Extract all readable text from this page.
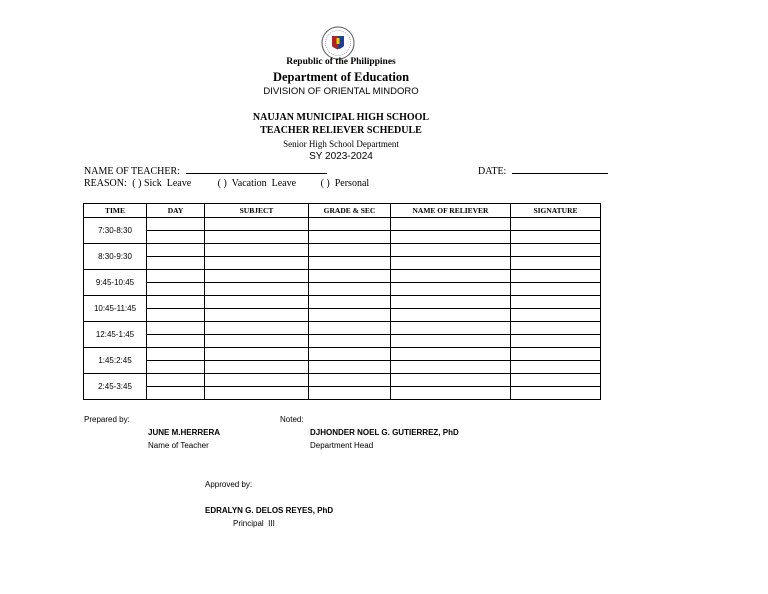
Republic of the Philippines
Department of Education
DIVISION OF ORIENTAL MINDORO
NAUJAN MUNICIPAL HIGH SCHOOL
TEACHER RELIEVER SCHEDULE
Senior High School Department
SY 2023-2024
NAME OF TEACHER:	DATE:
REASON: ( ) Sick  Leave	( )  Vacation  Leave ( )  Personal
TIME	DAY	SUBJECT	GRADE & SEC	NAME OF RELIEVER	SIGNATURE
7:30-8:30					

8:30-9:30					

9:45-10:45					

10:45-11:45					

12:45-1:45					

1:45:2:45					

2:45-3:45					

Prepared by:	Noted:
JUNE M.HERRERA
Name of Teacher
DJHONDER NOEL G. GUTIERREZ, PhD
Department Head
Approved by:
EDRALYN G. DELOS REYES, PhD
Principal  III
